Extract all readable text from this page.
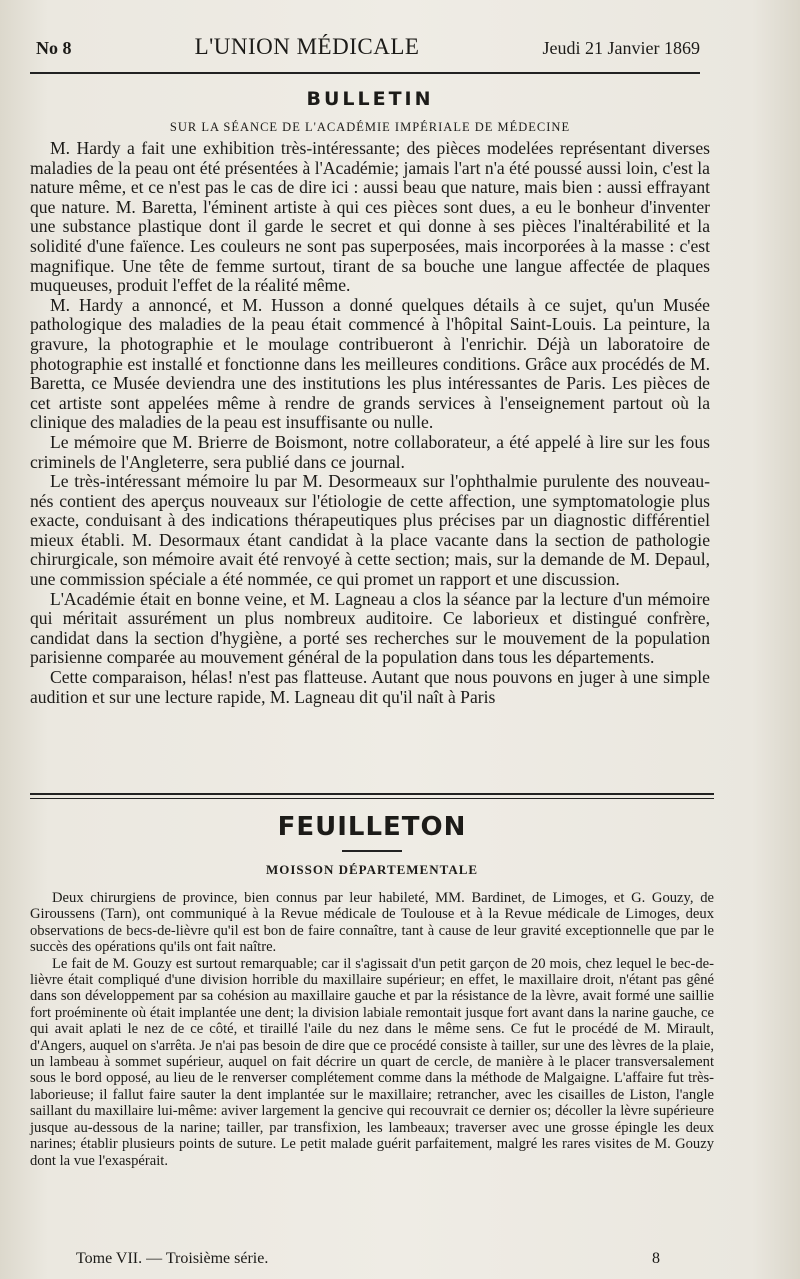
No 8	L'UNION MÉDICALE	Jeudi 21 Janvier 1869
BULLETIN
SUR LA SÉANCE DE L'ACADÉMIE IMPÉRIALE DE MÉDECINE

M. Hardy a fait une exhibition très-intéressante; des pièces modelées représentant diverses maladies de la peau ont été présentées à l'Académie; jamais l'art n'a été poussé aussi loin, c'est la nature même, et ce n'est pas le cas de dire ici : aussi beau que nature, mais bien : aussi effrayant que nature. M. Baretta, l'éminent artiste à qui ces pièces sont dues, a eu le bonheur d'inventer une substance plastique dont il garde le secret et qui donne à ses pièces l'inaltérabilité et la solidité d'une faïence. Les couleurs ne sont pas superposées, mais incorporées à la masse : c'est magnifique. Une tête de femme surtout, tirant de sa bouche une langue affectée de plaques muqueuses, produit l'effet de la réalité même.

M. Hardy a annoncé, et M. Husson a donné quelques détails à ce sujet, qu'un Musée pathologique des maladies de la peau était commencé à l'hôpital Saint-Louis. La peinture, la gravure, la photographie et le moulage contribueront à l'enrichir. Déjà un laboratoire de photographie est installé et fonctionne dans les meilleures conditions. Grâce aux procédés de M. Baretta, ce Musée deviendra une des institutions les plus intéressantes de Paris. Les pièces de cet artiste sont appelées même à rendre de grands services à l'enseignement partout où la clinique des maladies de la peau est insuffisante ou nulle.

Le mémoire que M. Brierre de Boismont, notre collaborateur, a été appelé à lire sur les fous criminels de l'Angleterre, sera publié dans ce journal.

Le très-intéressant mémoire lu par M. Desormeaux sur l'ophthalmie purulente des nouveau-nés contient des aperçus nouveaux sur l'étiologie de cette affection, une symptomatologie plus exacte, conduisant à des indications thérapeutiques plus précises par un diagnostic différentiel mieux établi. M. Desormaux étant candidat à la place vacante dans la section de pathologie chirurgicale, son mémoire avait été renvoyé à cette section; mais, sur la demande de M. Depaul, une commission spéciale a été nommée, ce qui promet un rapport et une discussion.

L'Académie était en bonne veine, et M. Lagneau a clos la séance par la lecture d'un mémoire qui méritait assurément un plus nombreux auditoire. Ce laborieux et distingué confrère, candidat dans la section d'hygiène, a porté ses recherches sur le mouvement de la population parisienne comparée au mouvement général de la population dans tous les départements.

Cette comparaison, hélas! n'est pas flatteuse. Autant que nous pouvons en juger à une simple audition et sur une lecture rapide, M. Lagneau dit qu'il naît à Paris

FEUILLETON
MOISSON DÉPARTEMENTALE

Deux chirurgiens de province, bien connus par leur habileté, MM. Bardinet, de Limoges, et G. Gouzy, de Giroussens (Tarn), ont communiqué à la Revue médicale de Toulouse et à la Revue médicale de Limoges, deux observations de becs-de-lièvre qu'il est bon de faire connaître, tant à cause de leur gravité exceptionnelle que par le succès des opérations qu'ils ont fait naître.

Le fait de M. Gouzy est surtout remarquable; car il s'agissait d'un petit garçon de 20 mois, chez lequel le bec-de-lièvre était compliqué d'une division horrible du maxillaire supérieur; en effet, le maxillaire droit, n'étant pas gêné dans son développement par sa cohésion au maxillaire gauche et par la résistance de la lèvre, avait formé une saillie fort proéminente où était implantée une dent; la division labiale remontait jusque fort avant dans la narine gauche, ce qui avait aplati le nez de ce côté, et tiraillé l'aile du nez dans le même sens. Ce fut le procédé de M. Mirault, d'Angers, auquel on s'arrêta. Je n'ai pas besoin de dire que ce procédé consiste à tailler, sur une des lèvres de la plaie, un lambeau à sommet supérieur, auquel on fait décrire un quart de cercle, de manière à le placer transversalement sous le bord opposé, au lieu de le renverser complétement comme dans la méthode de Malgaigne. L'affaire fut très-laborieuse; il fallut faire sauter la dent implantée sur le maxillaire; retrancher, avec les cisailles de Liston, l'angle saillant du maxillaire lui-même: aviver largement la gencive qui recouvrait ce dernier os; décoller la lèvre supérieure jusque au-dessous de la narine; tailler, par transfixion, les lambeaux; traverser avec une grosse épingle les deux narines; établir plusieurs points de suture. Le petit malade guérit parfaitement, malgré les rares visites de M. Gouzy dont la vue l'exaspérait.

Tome VII. — Troisième série.	8
